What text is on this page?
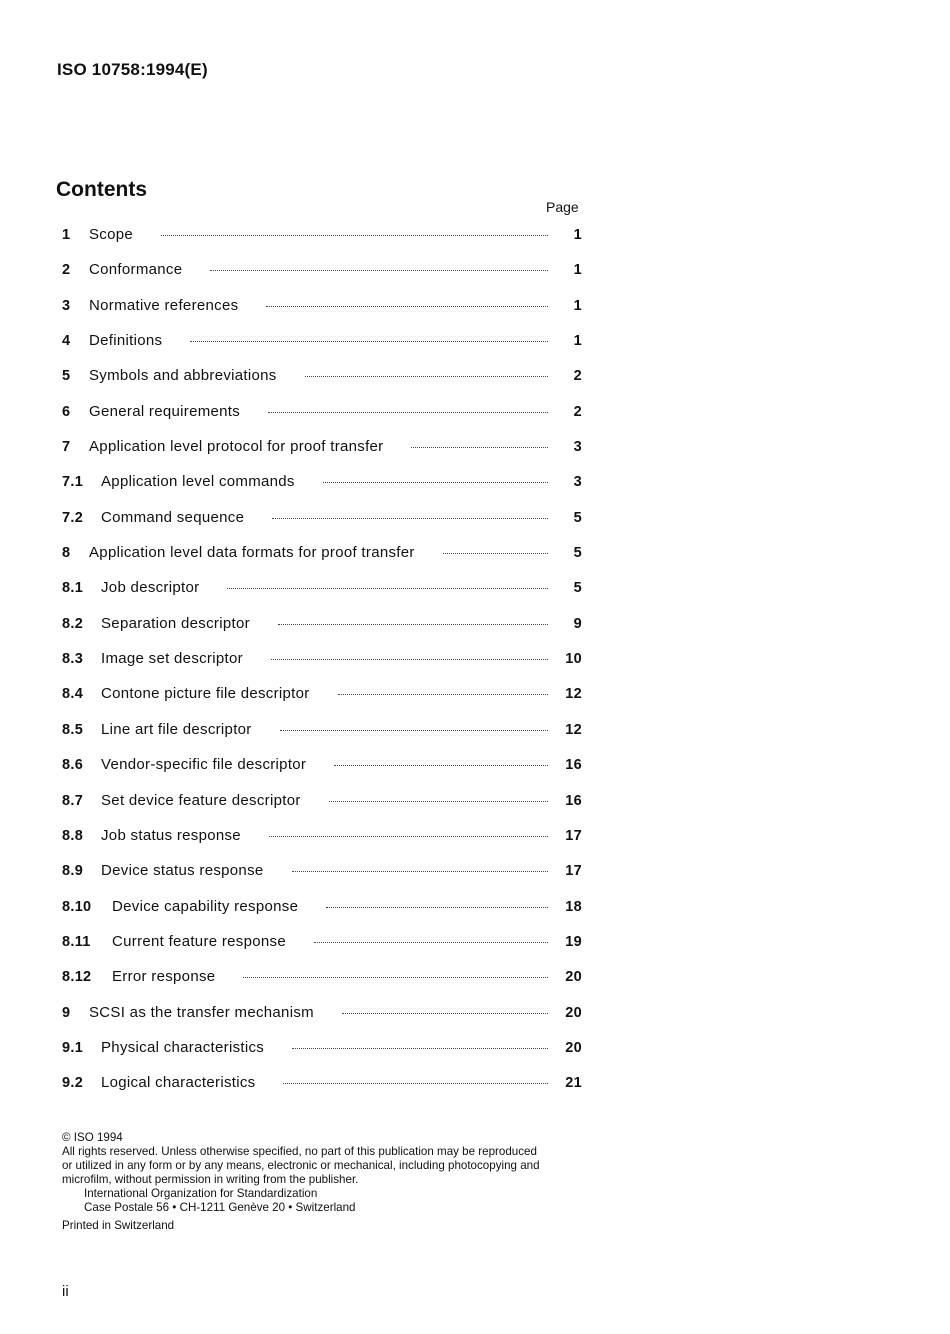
ISO 10758:1994(E)
Contents
Page
1	Scope	1
2	Conformance	1
3	Normative references	1
4	Definitions	1
5	Symbols and abbreviations	2
6	General requirements	2
7	Application level protocol for proof transfer	3
7.1	Application level commands	3
7.2	Command sequence	5
8	Application level data formats for proof transfer	5
8.1	Job descriptor	5
8.2	Separation descriptor	9
8.3	Image set descriptor	10
8.4	Contone picture file descriptor	12
8.5	Line art file descriptor	12
8.6	Vendor-specific file descriptor	16
8.7	Set device feature descriptor	16
8.8	Job status response	17
8.9	Device status response	17
8.10	Device capability response	18
8.11	Current feature response	19
8.12	Error response	20
9	SCSI as the transfer mechanism	20
9.1	Physical characteristics	20
9.2	Logical characteristics	21
© ISO 1994
All rights reserved. Unless otherwise specified, no part of this publication may be reproduced
or utilized in any form or by any means, electronic or mechanical, including photocopying and
microfilm, without permission in writing from the publisher.
International Organization for Standardization
Case Postale 56 • CH-1211 Genève 20 • Switzerland
Printed in Switzerland
ii
